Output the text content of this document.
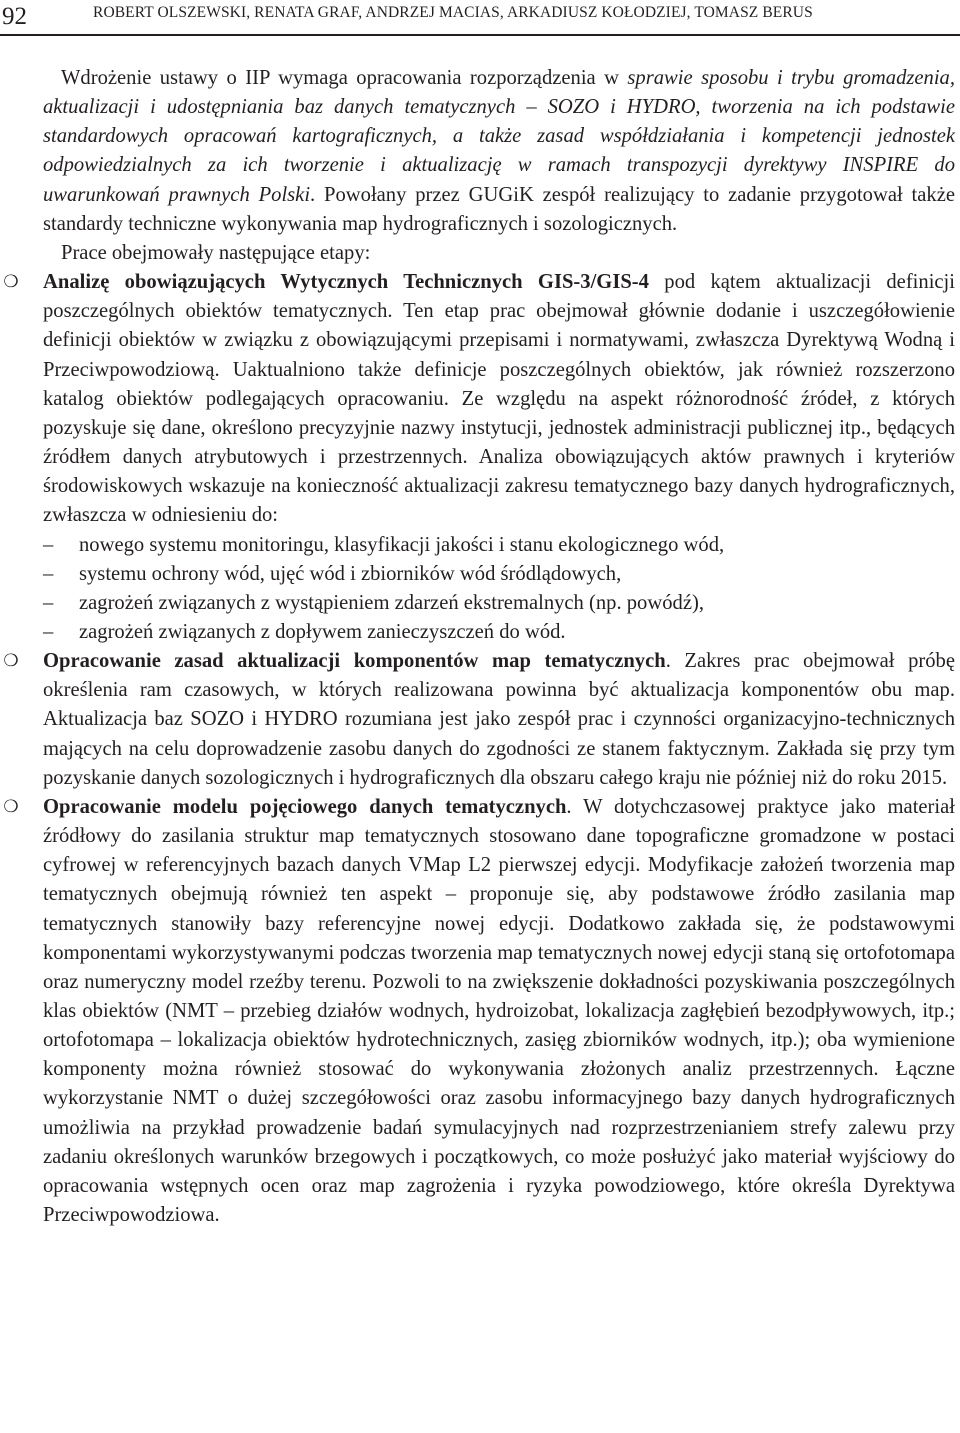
92	ROBERT OLSZEWSKI, RENATA GRAF, ANDRZEJ MACIAS, ARKADIUSZ KOŁODZIEJ, TOMASZ BERUS

Wdrożenie ustawy o IIP wymaga opracowania rozporządzenia w sprawie sposobu i trybu gromadzenia, aktualizacji i udostępniania baz danych tematycznych – SOZO i HYDRO, tworzenia na ich podstawie standardowych opracowań kartograficznych, a także zasad współdziałania i kompetencji jednostek odpowiedzialnych za ich tworzenie i aktualizację w ramach transpozycji dyrektywy INSPIRE do uwarunkowań prawnych Polski. Powołany przez GUGiK zespół realizujący to zadanie przygotował także standardy techniczne wykonywania map hydrograficznych i sozologicznych.

Prace obejmowały następujące etapy:

❍ Analizę obowiązujących Wytycznych Technicznych GIS-3/GIS-4 pod kątem aktualizacji definicji poszczególnych obiektów tematycznych. Ten etap prac obejmował głównie dodanie i uszczegółowienie definicji obiektów w związku z obowiązującymi przepisami i normatywami, zwłaszcza Dyrektywą Wodną i Przeciwpowodziową. Uaktualniono także definicje poszczególnych obiektów, jak również rozszerzono katalog obiektów podlegających opracowaniu. Ze względu na aspekt różnorodność źródeł, z których pozyskuje się dane, określono precyzyjnie nazwy instytucji, jednostek administracji publicznej itp., będących źródłem danych atrybutowych i przestrzennych. Analiza obowiązujących aktów prawnych i kryteriów środowiskowych wskazuje na konieczność aktualizacji zakresu tematycznego bazy danych hydrograficznych, zwłaszcza w odniesieniu do:

– nowego systemu monitoringu, klasyfikacji jakości i stanu ekologicznego wód,
– systemu ochrony wód, ujęć wód i zbiorników wód śródlądowych,
– zagrożeń związanych z wystąpieniem zdarzeń ekstremalnych (np. powódź),
– zagrożeń związanych z dopływem zanieczyszczeń do wód.
❍ Opracowanie zasad aktualizacji komponentów map tematycznych. Zakres prac obejmował próbę określenia ram czasowych, w których realizowana powinna być aktualizacja komponentów obu map. Aktualizacja baz SOZO i HYDRO rozumiana jest jako zespół prac i czynności organizacyjno-technicznych mających na celu doprowadzenie zasobu danych do zgodności ze stanem faktycznym. Zakłada się przy tym pozyskanie danych sozologicznych i hydrograficznych dla obszaru całego kraju nie później niż do roku 2015.

❍ Opracowanie modelu pojęciowego danych tematycznych. W dotychczasowej praktyce jako materiał źródłowy do zasilania struktur map tematycznych stosowano dane topograficzne gromadzone w postaci cyfrowej w referencyjnych bazach danych VMap L2 pierwszej edycji. Modyfikacje założeń tworzenia map tematycznych obejmują również ten aspekt – proponuje się, aby podstawowe źródło zasilania map tematycznych stanowiły bazy referencyjne nowej edycji. Dodatkowo zakłada się, że podstawowymi komponentami wykorzystywanymi podczas tworzenia map tematycznych nowej edycji staną się ortofotomapa oraz numeryczny model rzeźby terenu. Pozwoli to na zwiększenie dokładności pozyskiwania poszczególnych klas obiektów (NMT – przebieg działów wodnych, hydroizobat, lokalizacja zagłębień bezodpływowych, itp.; ortofotomapa – lokalizacja obiektów hydrotechnicznych, zasięg zbiorników wodnych, itp.); oba wymienione komponenty można również stosować do wykonywania złożonych analiz przestrzennych. Łączne wykorzystanie NMT o dużej szczegółowości oraz zasobu informacyjnego bazy danych hydrograficznych umożliwia na przykład prowadzenie badań symulacyjnych nad rozprzestrzenianiem strefy zalewu przy zadaniu określonych warunków brzegowych i początkowych, co może posłużyć jako materiał wyjściowy do opracowania wstępnych ocen oraz map zagrożenia i ryzyka powodziowego, które określa Dyrektywa Przeciwpowodziowa.
